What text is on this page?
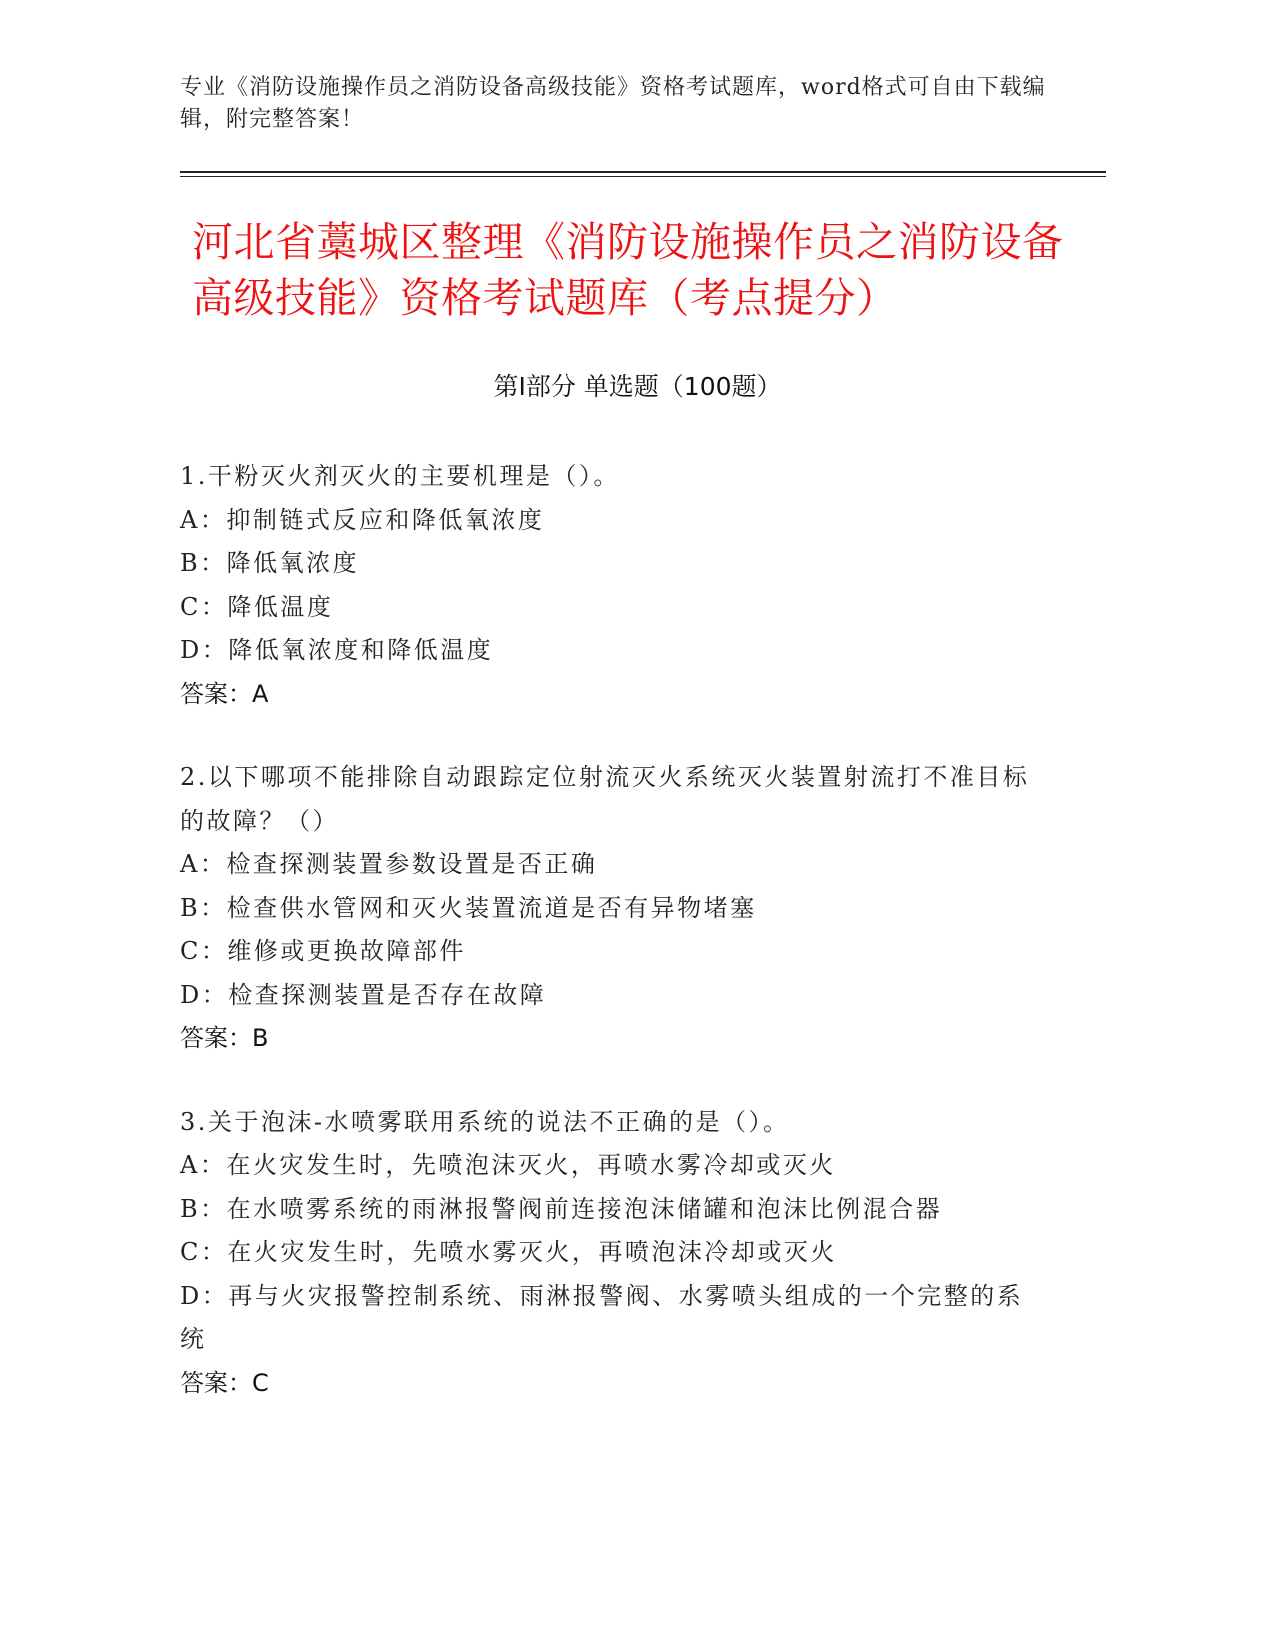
专业《消防设施操作员之消防设备高级技能》资格考试题库，word格式可自由下载编辑，附完整答案！
河北省藁城区整理《消防设施操作员之消防设备高级技能》资格考试题库（考点提分）
第Ⅰ部分 单选题（100题）
1.干粉灭火剂灭火的主要机理是（）。
A：抑制链式反应和降低氧浓度
B：降低氧浓度
C：降低温度
D：降低氧浓度和降低温度
答案：A
2.以下哪项不能排除自动跟踪定位射流灭火系统灭火装置射流打不准目标的故障？（）
A：检查探测装置参数设置是否正确
B：检查供水管网和灭火装置流道是否有异物堵塞
C：维修或更换故障部件
D：检查探测装置是否存在故障
答案：B
3.关于泡沫-水喷雾联用系统的说法不正确的是（）。
A：在火灾发生时，先喷泡沫灭火，再喷水雾冷却或灭火
B：在水喷雾系统的雨淋报警阀前连接泡沫储罐和泡沫比例混合器
C：在火灾发生时，先喷水雾灭火，再喷泡沫冷却或灭火
D：再与火灾报警控制系统、雨淋报警阀、水雾喷头组成的一个完整的系统
答案：C
